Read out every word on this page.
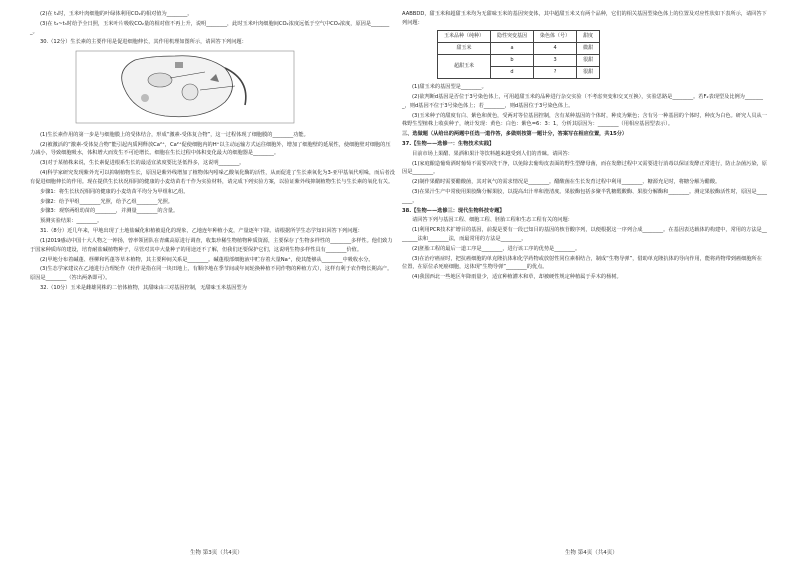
(2)在 t₁时，玉米叶肉细胞的叶绿体利用CO₂的相对值为________。

(3)在 t₂~t₃时给予全日照，玉米叶片吸收CO₂量的相对值不再上升，说明________，此时玉米叶肉细胞间CO₂浓度远低于空气中CO₂浓度，原因是________。

30.（12分）生长素的主要作用是促进细胞伸长，其作用机理如图所示，请回答下列问题：

(1)生长素作用的第一步是与细胞膜上的受体结合，形成“激素-受体复合物”，这一过程体现了细胞膜的________功能。

(2)被激活的“激素-受体复合物”能引起内质网释放Ca²⁺，Ca²⁺促使细胞内的H⁺以主动运输方式运往细胞外，增加了细胞壁的延展性，使细胞壁对细胞的压力减小，导致细胞吸水，体积增大而发生不可逆增长。细胞在生长过程中体积变化最大的细胞器是________。

(3)对于某植株来说，生长素促进根系生长的最适宜浓度要比茎低得多，这说明________。

(4)科学家研究发现紫外光可以抑制植物生长，原因是紫外线增加了植物体内吲哚乙酸氧化酶的活性，从而促进了生长素氧化为3-亚甲基氧代吲哚，而后者没有促进细胞伸长的作用。现在提供生长状况相同的健康的小麦幼苗若干作为实验材料，请完成下列实验方案，以验证紫外线抑制植物生长与生长素的氧化有关。

步骤1：将生长状况相同的健康的小麦幼苗平均分为甲组和乙组。

步骤2：给予甲组________光照，给予乙组________光照。

步骤3：观察两组幼苗的________，并测量________的含量。

预测实验结果：________。

31.（8分）近几年来，甲地出现了土地盐碱化和植被退化的现象，乙地连年种植小麦，产量逐年下降。请根据所学生态学知识回答下列问题：

(1)2019感动中国十大人物之一钟扬，曾率领团队在青藏高原进行调查，收集珍稀生物植物种质资源，主要保存了生物多样性的________多样性。他们致力于国家种质库的建设，培育耐盐碱植物种子，尽管对其中大量种子的用途还不了解，但我们还要保护它们，这说明生物多样性具有________价值。

(2)甲地分布着碱蓬、柽柳和钙蓬等草本植物，其主要种间关系是________。碱蓬根部细胞液中贮存着大量Na⁺，使其能够从________中吸收水分。

(3)生态学家建议在乙地进行合理轮作（轮作是指在同一块田地上，有顺序地在季节间或年间轮换种植不同作物的种植方式），这样有利于农作物长期高产。原因是________（答出两条即可）。

32.（10分）玉米是雌雄同株的二倍体植物，其甜味由三对基因控制，无甜味玉米基因型为

AABBDD，甜玉米和超甜玉米均为无甜味玉米的基因突变体，其中超甜玉米又有两个品种，它们的相关基因型染色体上的位置及对应性状如下表所示，请回答下列问题：

玉米品种（纯种）	隐性突变基因	染色体（号）	甜度
甜玉米	a	4	微甜
超甜玉米	b	3	很甜
	d	?	很甜

(1)甜玉米的基因型是________。

(2)欲判断d基因是否位于3号染色体上，可用超甜玉米的品种进行杂交实验（不考虑突变和交叉互换），实验思路是________。若F₂表现型及比例为________，则d基因不位于3号染色体上；若________，则d基因位于3号染色体上。

(3)玉米种子的甜度有白、紫色和黄色，受两对等位基因控制，含有某种基因的个体时，种皮为紫色；含有另一种基因的个体时，种皮为白色。研究人员从一株野生型植株上收获种子，统计发现：黄色：白色：紫色=6：3：1，分析其原因为：________（用相应基因型表示）。

三、选做题（从给出的两题中任选一道作答，多做则按第一题计分，答案写在相应位置，共15分）

37.【生物——选修一：生物技术实践】

目前市场上果醋、果酒和果汁等饮料越来越受到人们的青睐。请回答：

(1)家庭酿造葡萄酒时葡萄不需要冲洗干净，以免除去葡萄皮表面的野生型酵母菌，而在发酵过程中又需要进行消毒以保证发酵正常进行，防止杂菌污染，原因是________。

(2)制作果醋时需要醋酸菌，其对氧气的需求情况是________。醋酸菌在生长发育过程中利用________、糖源充足时，将糖分解为醋酸。

(3)在果汁生产中常使用果胶酶分解果胶，以提高出汁率和澄清度。果胶酶包括多聚半乳糖醛酸酶、果胶分解酶和________。测定果胶酶活性时，原因是________。

38.【生物——选修三：现代生物科技专题】

请回答下列与基因工程、细胞工程、胚胎工程和生态工程有关的问题：

(1)利用PCR技术扩增目的基因，前提是要有一段已知目的基因的核苷酸序列，以便根据这一序列合成________。在基因表达载体的构建中，常用的方法是________法和________法，而最常用的方法是________。

(2)胚胎工程的最后一道工序是________，进行该工序的优势是________。

(3)在治疗癌症时，把抗癌细胞的单克隆抗体和化学药物或放射性同位素相结合，制成“生物导弹”，借助单克隆抗体的导向作用，能将药物带到癌细胞所在位置，在原位杀死癌细胞，这体现“生物导弹”________的优点。

(4)我国西北一些地区年降雨量少，适宜种植灌木和草，却被硬性规定种植属于乔木的杨树。

生物 第3页（共4页）	生物 第4页（共4页）
